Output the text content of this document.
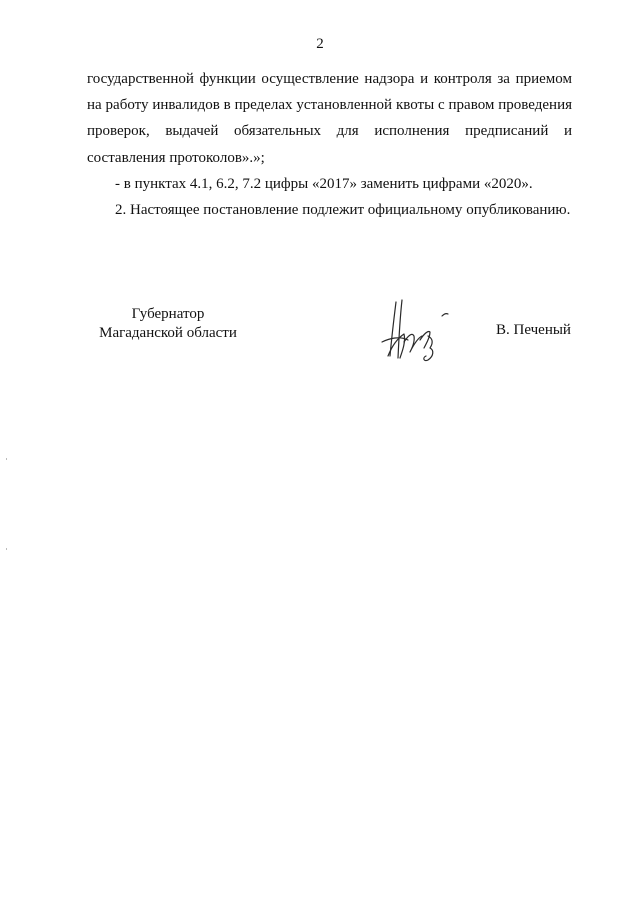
2

государственной функции осуществление надзора и контроля за приемом на работу инвалидов в пределах установленной квоты с правом проведения проверок, выдачей обязательных для исполнения предписаний и составления протоколов».»;

- в пунктах 4.1, 6.2, 7.2 цифры «2017» заменить цифрами «2020».

2. Настоящее постановление подлежит официальному опубликованию.

Губернатор
Магаданской области	В. Печеный
